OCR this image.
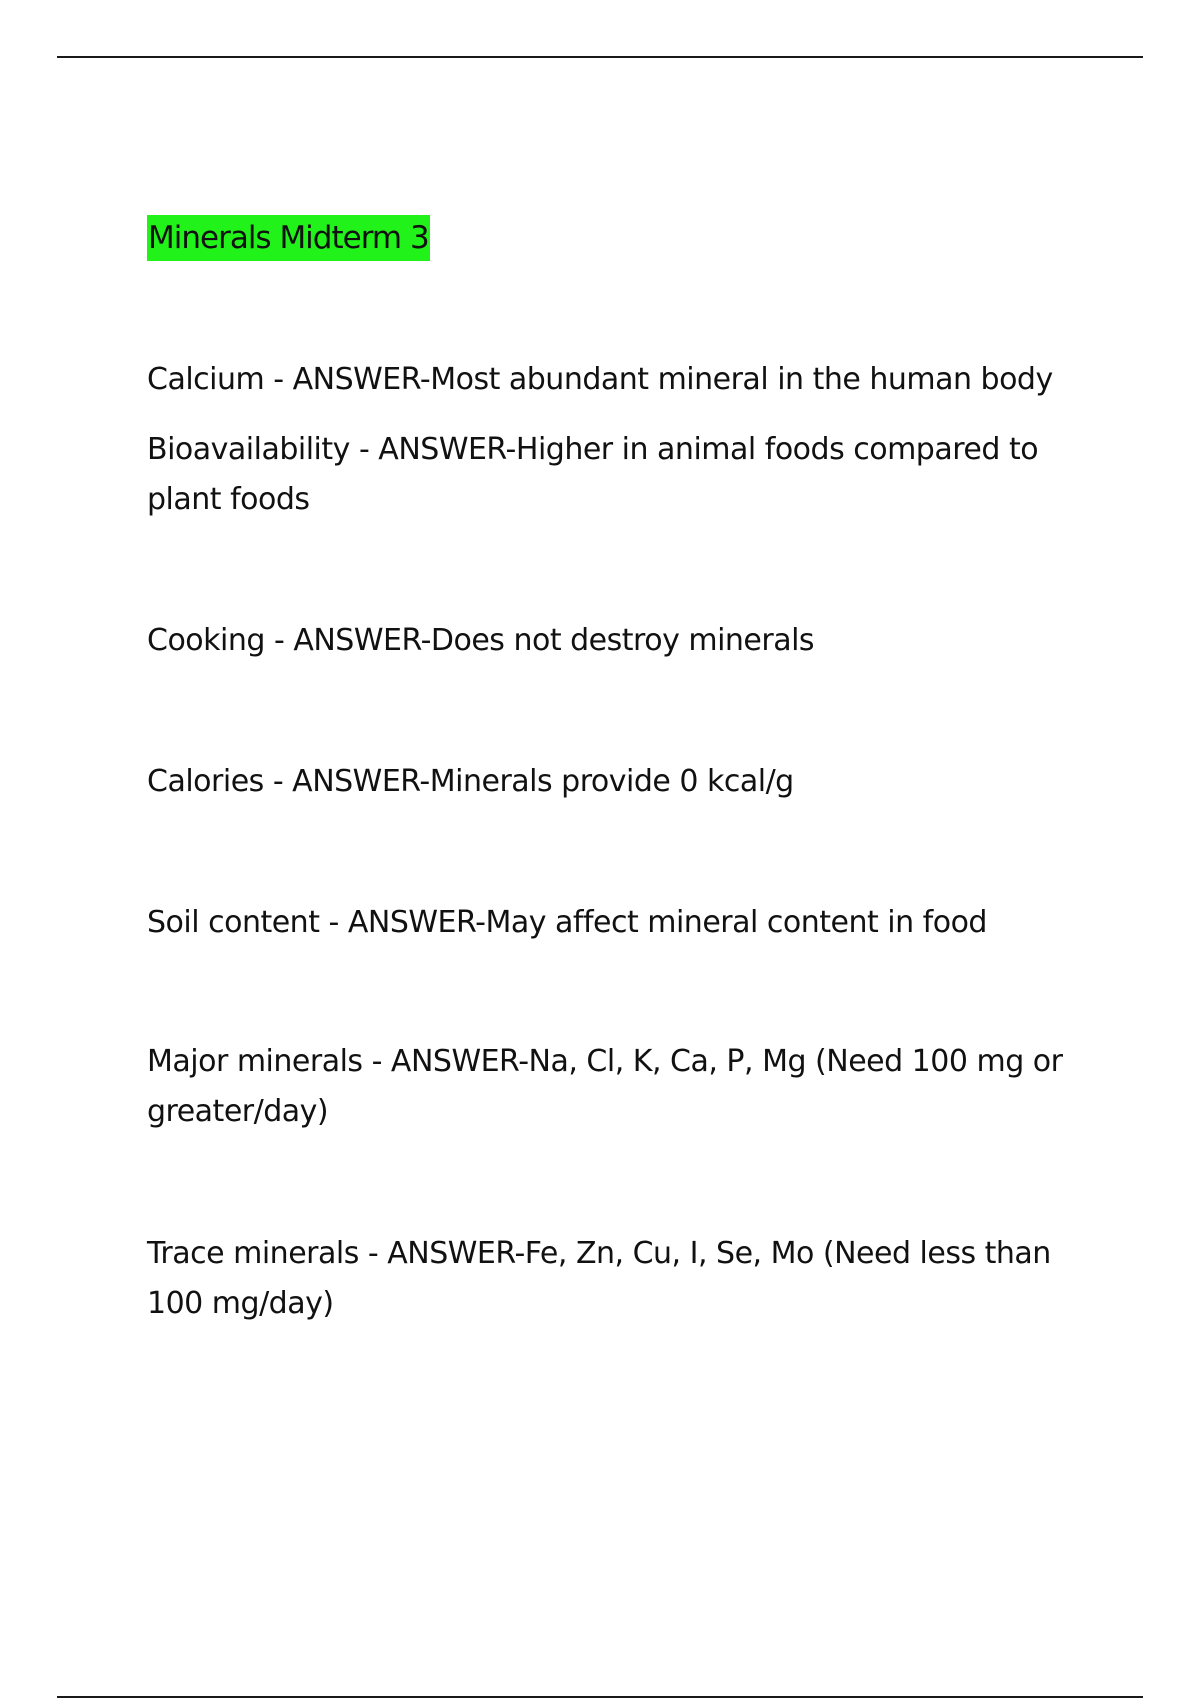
Minerals Midterm 3
Calcium - ANSWER-Most abundant mineral in the human body
Bioavailability - ANSWER-Higher in animal foods compared to plant foods
Cooking - ANSWER-Does not destroy minerals
Calories - ANSWER-Minerals provide 0 kcal/g
Soil content - ANSWER-May affect mineral content in food
Major minerals - ANSWER-Na, Cl, K, Ca, P, Mg (Need 100 mg or greater/day)
Trace minerals - ANSWER-Fe, Zn, Cu, I, Se, Mo (Need less than 100 mg/day)
